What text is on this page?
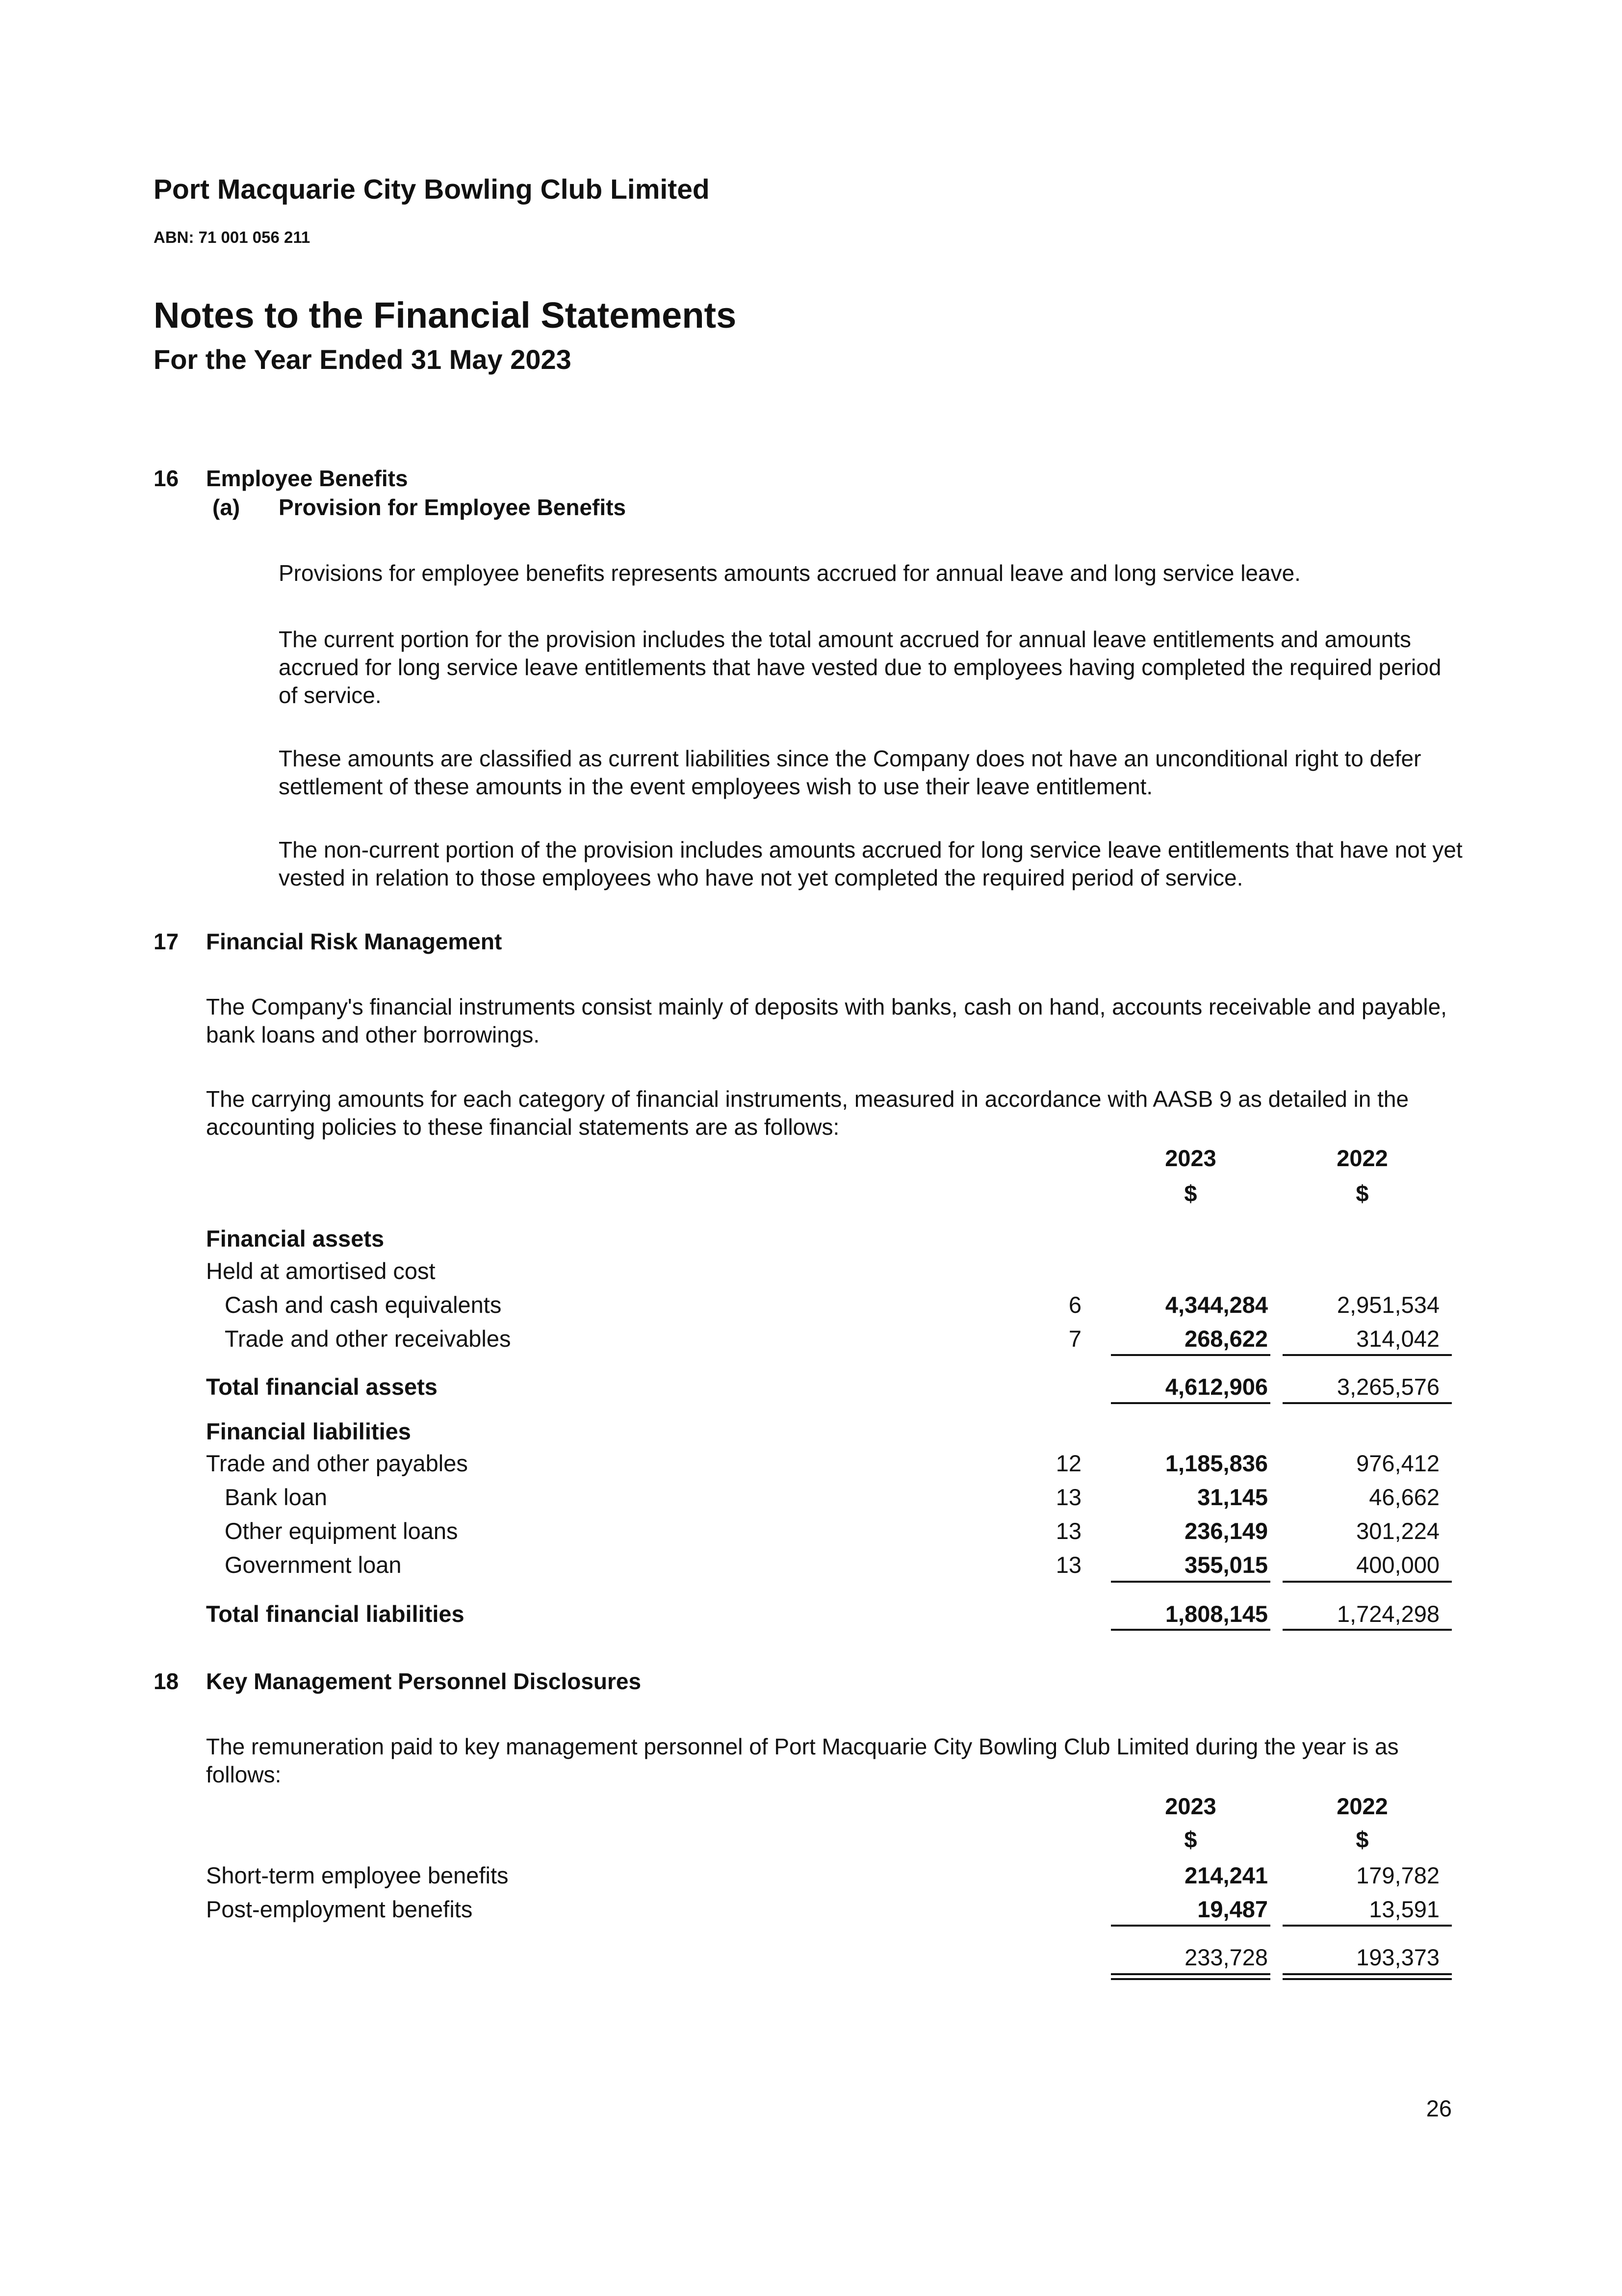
Port Macquarie City Bowling Club Limited
ABN: 71 001 056 211
Notes to the Financial Statements
For the Year Ended 31 May 2023
16 Employee Benefits
(a) Provision for Employee Benefits
Provisions for employee benefits represents amounts accrued for annual leave and long service leave.
The current portion for the provision includes the total amount accrued for annual leave entitlements and amounts accrued for long service leave entitlements that have vested due to employees having completed the required period of service.
These amounts are classified as current liabilities since the Company does not have an unconditional right to defer settlement of these amounts in the event employees wish to use their leave entitlement.
The non-current portion of the provision includes amounts accrued for long service leave entitlements that have not yet vested in relation to those employees who have not yet completed the required period of service.
17 Financial Risk Management
The Company's financial instruments consist mainly of deposits with banks, cash on hand, accounts receivable and payable, bank loans and other borrowings.
The carrying amounts for each category of financial instruments, measured in accordance with AASB 9 as detailed in the accounting policies to these financial statements are as follows:
2023	2022
$	$
Financial assets
Held at amortised cost
Cash and cash equivalents	6	4,344,284	2,951,534
Trade and other receivables	7	268,622	314,042
Total financial assets	4,612,906	3,265,576
Financial liabilities
Trade and other payables	12	1,185,836	976,412
Bank loan	13	31,145	46,662
Other equipment loans	13	236,149	301,224
Government loan	13	355,015	400,000
Total financial liabilities	1,808,145	1,724,298
18 Key Management Personnel Disclosures
The remuneration paid to key management personnel of Port Macquarie City Bowling Club Limited during the year is as follows:
2023	2022
$	$
Short-term employee benefits	214,241	179,782
Post-employment benefits	19,487	13,591
233,728	193,373
26
